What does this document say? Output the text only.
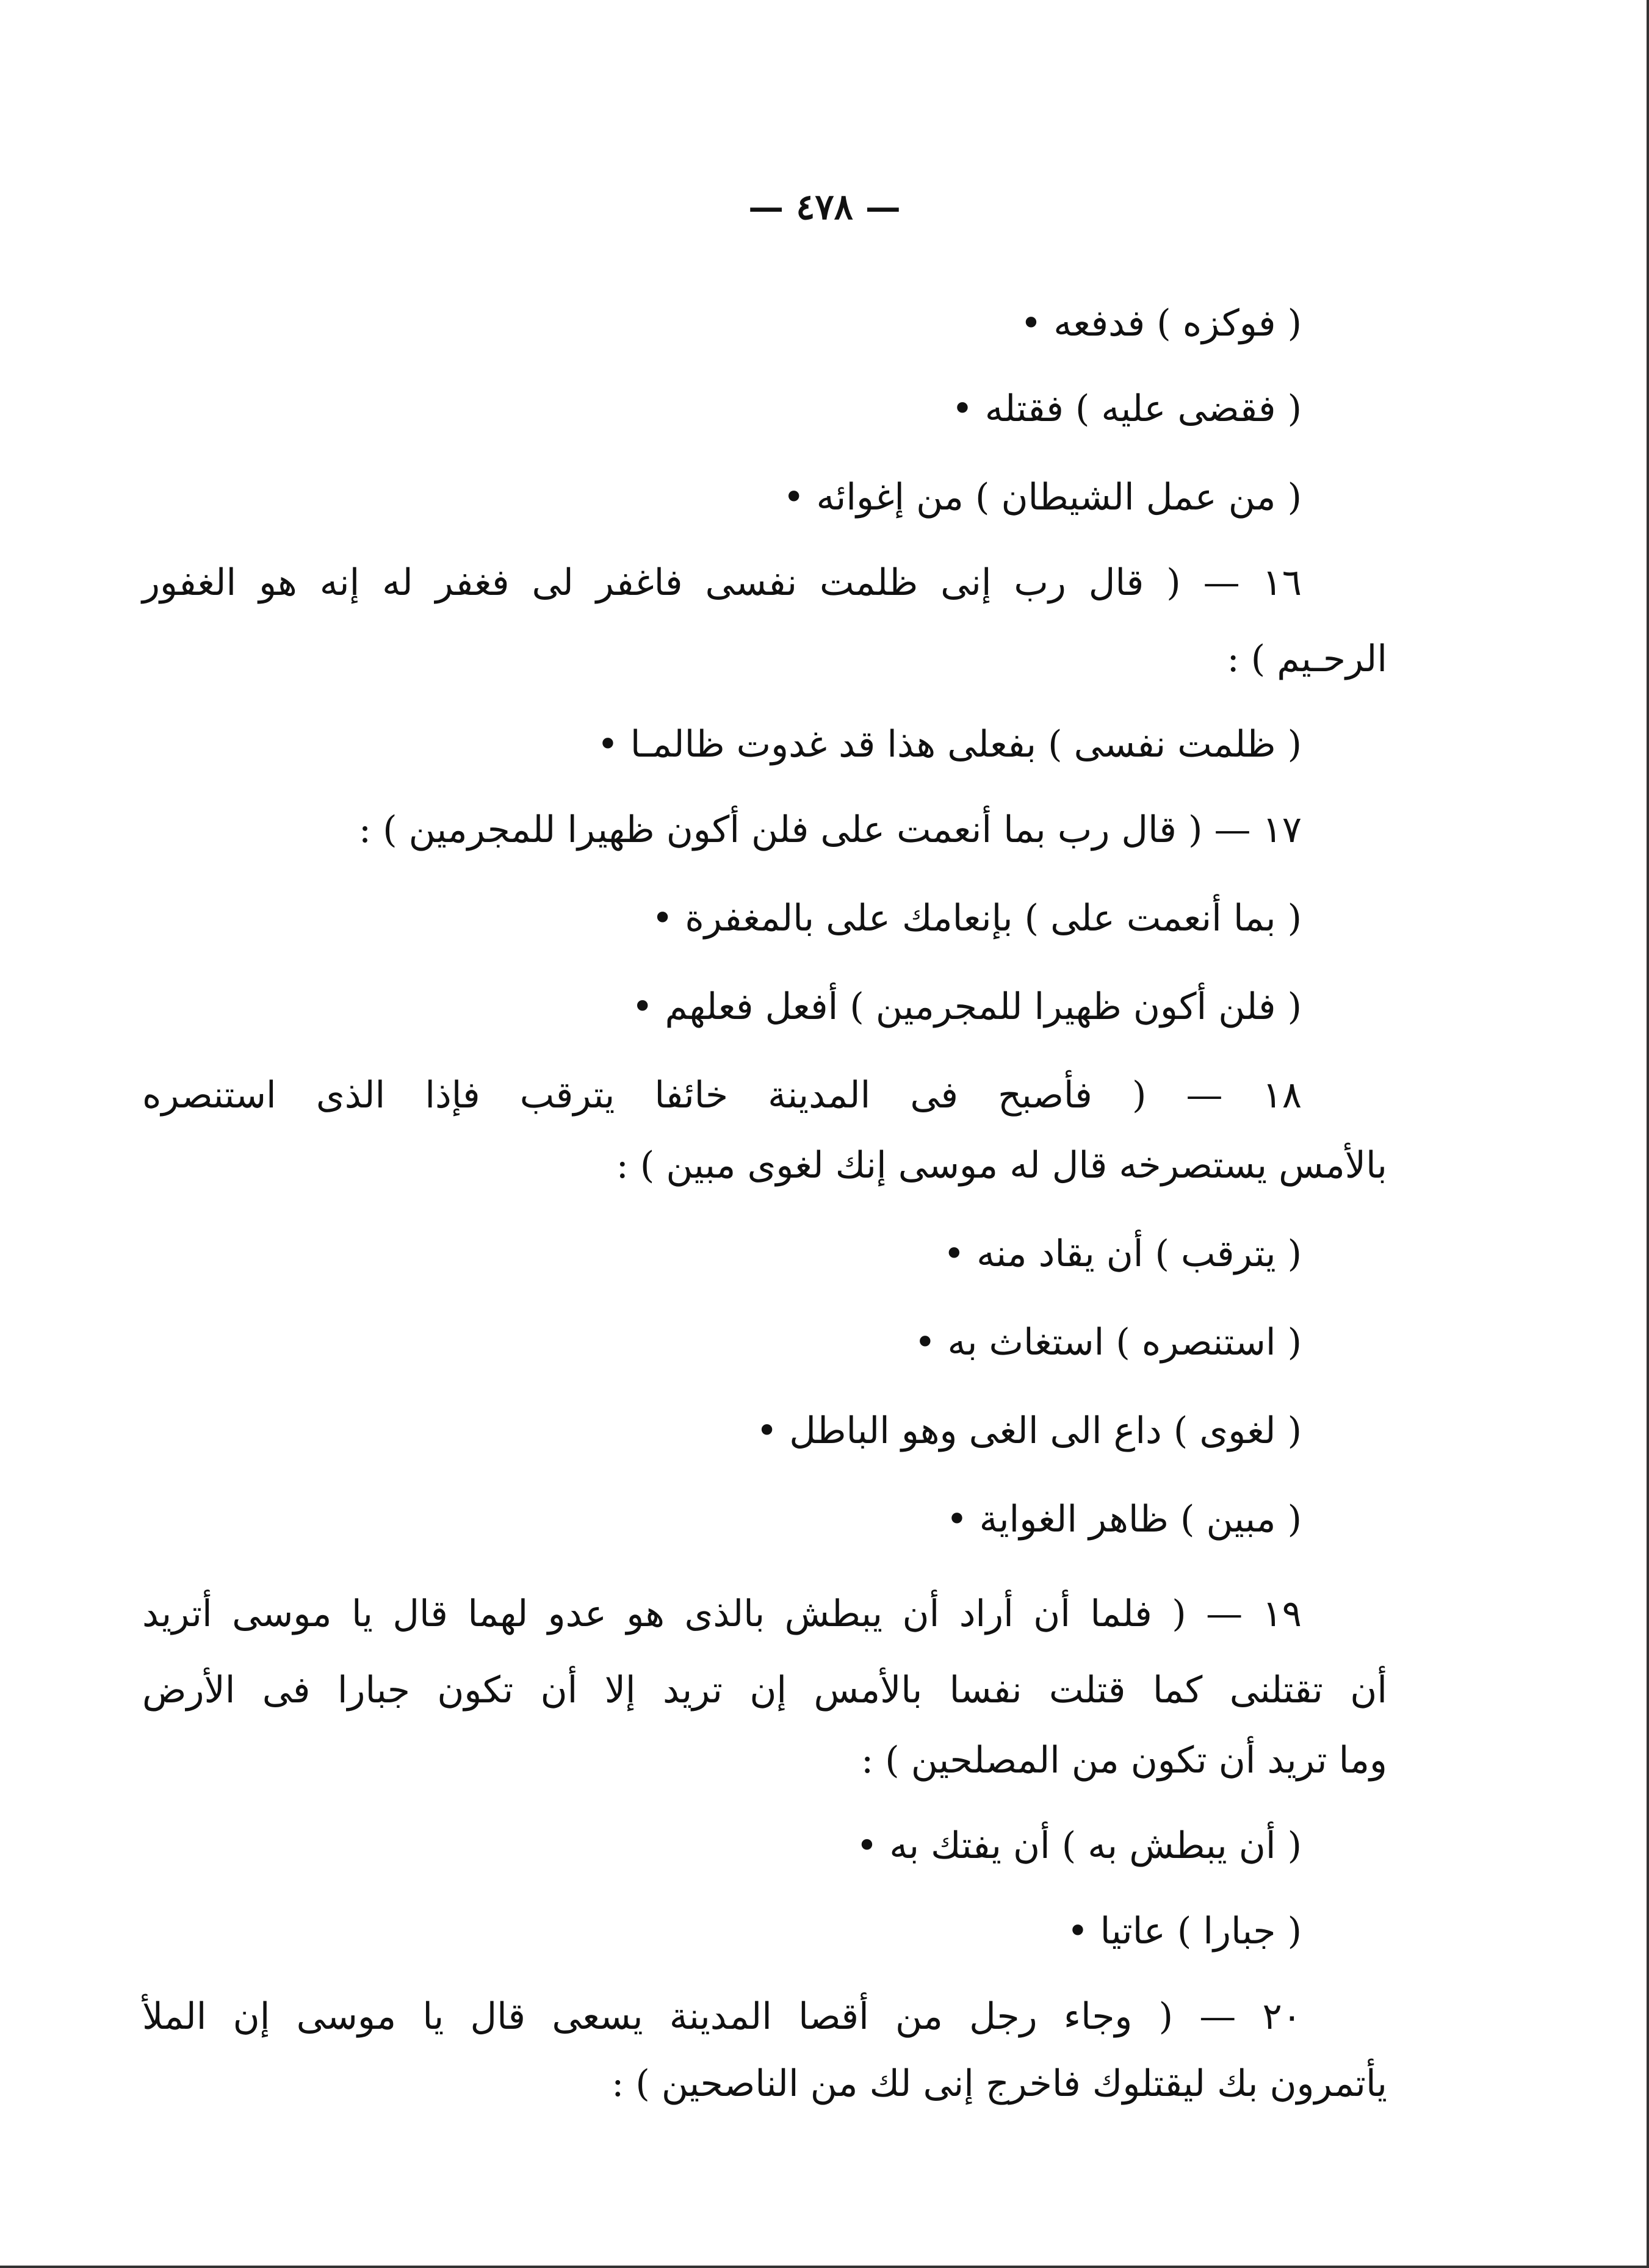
— ٤٧٨ —
( فوكزه ) فدفعه •
( فقضى عليه ) فقتله •
( من عمل الشيطان ) من إغوائه •
١٦ — ( قال رب إنى ظلمت نفسى فاغفر لى فغفر له إنه هو الغفور
الرحـيم ) :
( ظلمت نفسى ) بفعلى هذا قد غدوت ظالمـا •
١٧ — ( قال رب بما أنعمت على فلن أكون ظهيرا للمجرمين ) :
( بما أنعمت على ) بإنعامك على بالمغفرة •
( فلن أكون ظهيرا للمجرمين ) أفعل فعلهم •
١٨ — ( فأصبح فى المدينة خائفا يترقب فإذا الذى استنصره
بالأمس يستصرخه قال له موسى إنك لغوى مبين ) :
( يترقب ) أن يقاد منه •
( استنصره ) استغاث به •
( لغوى ) داع الى الغى وهو الباطل •
( مبين ) ظاهر الغواية •
١٩ — ( فلما أن أراد أن يبطش بالذى هو عدو لهما قال يا موسى أتريد
أن تقتلنى كما قتلت نفسا بالأمس إن تريد إلا أن تكون جبارا فى الأرض
وما تريد أن تكون من المصلحين ) :
( أن يبطش به ) أن يفتك به •
( جبارا ) عاتيا •
٢٠ — ( وجاء رجل من أقصا المدينة يسعى قال يا موسى إن الملأ
يأتمرون بك ليقتلوك فاخرج إنى لك من الناصحين ) :
